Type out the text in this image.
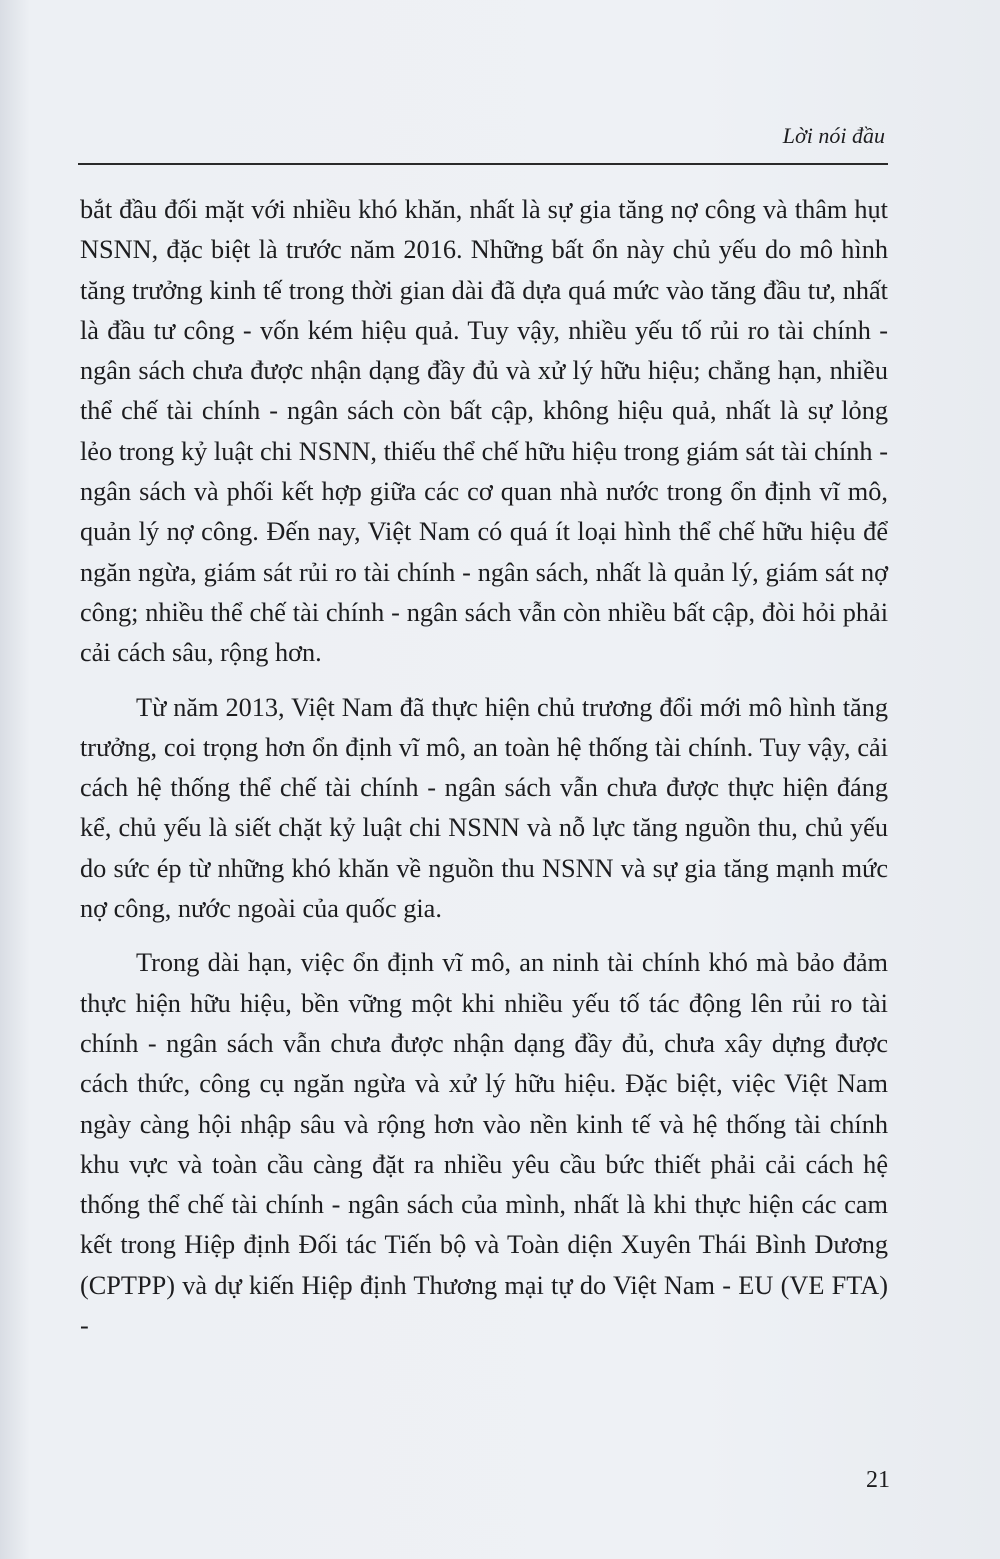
Lời nói đầu

bắt đầu đối mặt với nhiều khó khăn, nhất là sự gia tăng nợ công và thâm hụt NSNN, đặc biệt là trước năm 2016. Những bất ổn này chủ yếu do mô hình tăng trưởng kinh tế trong thời gian dài đã dựa quá mức vào tăng đầu tư, nhất là đầu tư công - vốn kém hiệu quả. Tuy vậy, nhiều yếu tố rủi ro tài chính - ngân sách chưa được nhận dạng đầy đủ và xử lý hữu hiệu; chẳng hạn, nhiều thể chế tài chính - ngân sách còn bất cập, không hiệu quả, nhất là sự lỏng lẻo trong kỷ luật chi NSNN, thiếu thể chế hữu hiệu trong giám sát tài chính - ngân sách và phối kết hợp giữa các cơ quan nhà nước trong ổn định vĩ mô, quản lý nợ công. Đến nay, Việt Nam có quá ít loại hình thể chế hữu hiệu để ngăn ngừa, giám sát rủi ro tài chính - ngân sách, nhất là quản lý, giám sát nợ công; nhiều thể chế tài chính - ngân sách vẫn còn nhiều bất cập, đòi hỏi phải cải cách sâu, rộng hơn.

Từ năm 2013, Việt Nam đã thực hiện chủ trương đổi mới mô hình tăng trưởng, coi trọng hơn ổn định vĩ mô, an toàn hệ thống tài chính. Tuy vậy, cải cách hệ thống thể chế tài chính - ngân sách vẫn chưa được thực hiện đáng kể, chủ yếu là siết chặt kỷ luật chi NSNN và nỗ lực tăng nguồn thu, chủ yếu do sức ép từ những khó khăn về nguồn thu NSNN và sự gia tăng mạnh mức nợ công, nước ngoài của quốc gia.

Trong dài hạn, việc ổn định vĩ mô, an ninh tài chính khó mà bảo đảm thực hiện hữu hiệu, bền vững một khi nhiều yếu tố tác động lên rủi ro tài chính - ngân sách vẫn chưa được nhận dạng đầy đủ, chưa xây dựng được cách thức, công cụ ngăn ngừa và xử lý hữu hiệu. Đặc biệt, việc Việt Nam ngày càng hội nhập sâu và rộng hơn vào nền kinh tế và hệ thống tài chính khu vực và toàn cầu càng đặt ra nhiều yêu cầu bức thiết phải cải cách hệ thống thể chế tài chính - ngân sách của mình, nhất là khi thực hiện các cam kết trong Hiệp định Đối tác Tiến bộ và Toàn diện Xuyên Thái Bình Dương (CPTPP) và dự kiến Hiệp định Thương mại tự do Việt Nam - EU (VE FTA) -

21
